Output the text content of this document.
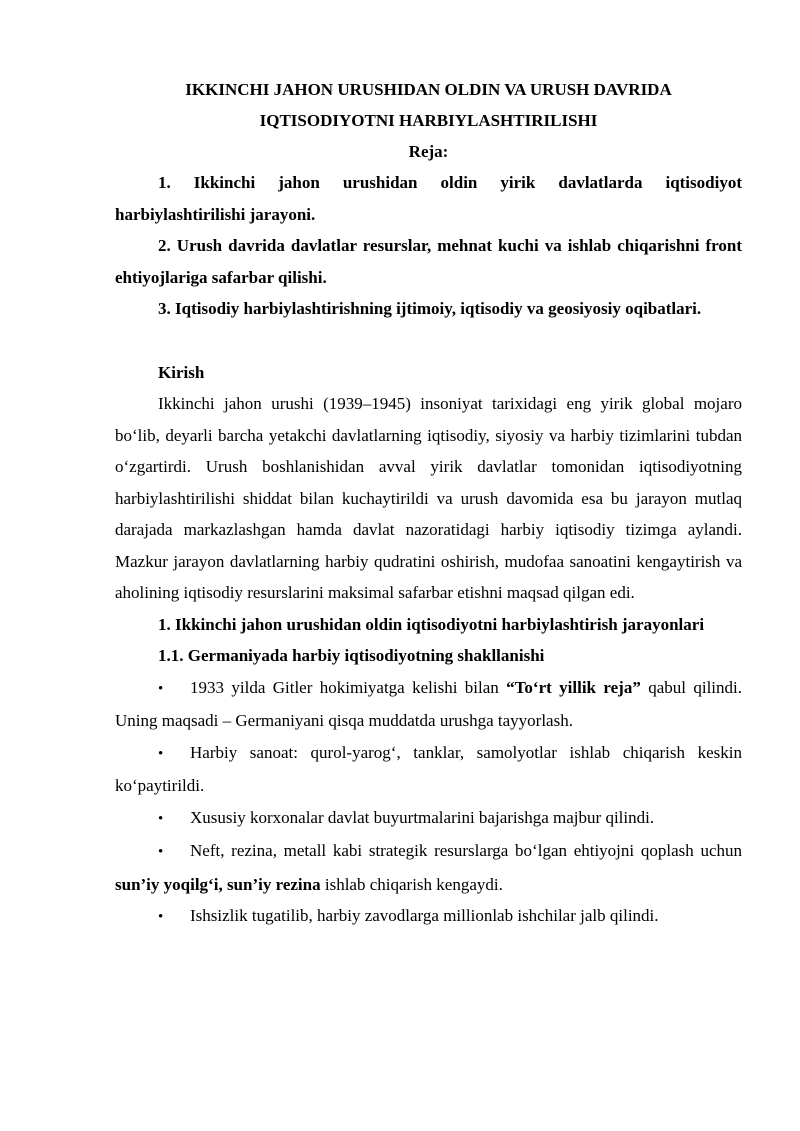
IKKINCHI JAHON URUSHIDAN OLDIN VA URUSH DAVRIDA

IQTISODIYOTNI HARBIYLASHTIRILISHI

Reja:

1. Ikkinchi jahon urushidan oldin yirik davlatlarda iqtisodiyot harbiylashtirilishi jarayoni.

2. Urush davrida davlatlar resurslar, mehnat kuchi va ishlab chiqarishni front ehtiyojlariga safarbar qilishi.

3. Iqtisodiy harbiylashtirishning ijtimoiy, iqtisodiy va geosiyosiy oqibatlari.

Kirish

Ikkinchi jahon urushi (1939–1945) insoniyat tarixidagi eng yirik global mojaro bo‘lib, deyarli barcha yetakchi davlatlarning iqtisodiy, siyosiy va harbiy tizimlarini tubdan o‘zgartirdi. Urush boshlanishidan avval yirik davlatlar tomonidan iqtisodiyotning harbiylashtirilishi shiddat bilan kuchaytirildi va urush davomida esa bu jarayon mutlaq darajada markazlashgan hamda davlat nazoratidagi harbiy iqtisodiy tizimga aylandi. Mazkur jarayon davlatlarning harbiy qudratini oshirish, mudofaa sanoatini kengaytirish va aholining iqtisodiy resurslarini maksimal safarbar etishni maqsad qilgan edi.

1. Ikkinchi jahon urushidan oldin iqtisodiyotni harbiylashtirish jarayonlari

1.1. Germaniyada harbiy iqtisodiyotning shakllanishi

• 1933 yilda Gitler hokimiyatga kelishi bilan “To‘rt yillik reja” qabul qilindi. Uning maqsadi – Germaniyani qisqa muddatda urushga tayyorlash.

• Harbiy sanoat: qurol-yarog‘, tanklar, samolyotlar ishlab chiqarish keskin ko‘paytirildi.

• Xususiy korxonalar davlat buyurtmalarini bajarishga majbur qilindi.

• Neft, rezina, metall kabi strategik resurslarga bo‘lgan ehtiyojni qoplash uchun sun’iy yoqilg‘i, sun’iy rezina ishlab chiqarish kengaydi.

• Ishsizlik tugatilib, harbiy zavodlarga millionlab ishchilar jalb qilindi.
